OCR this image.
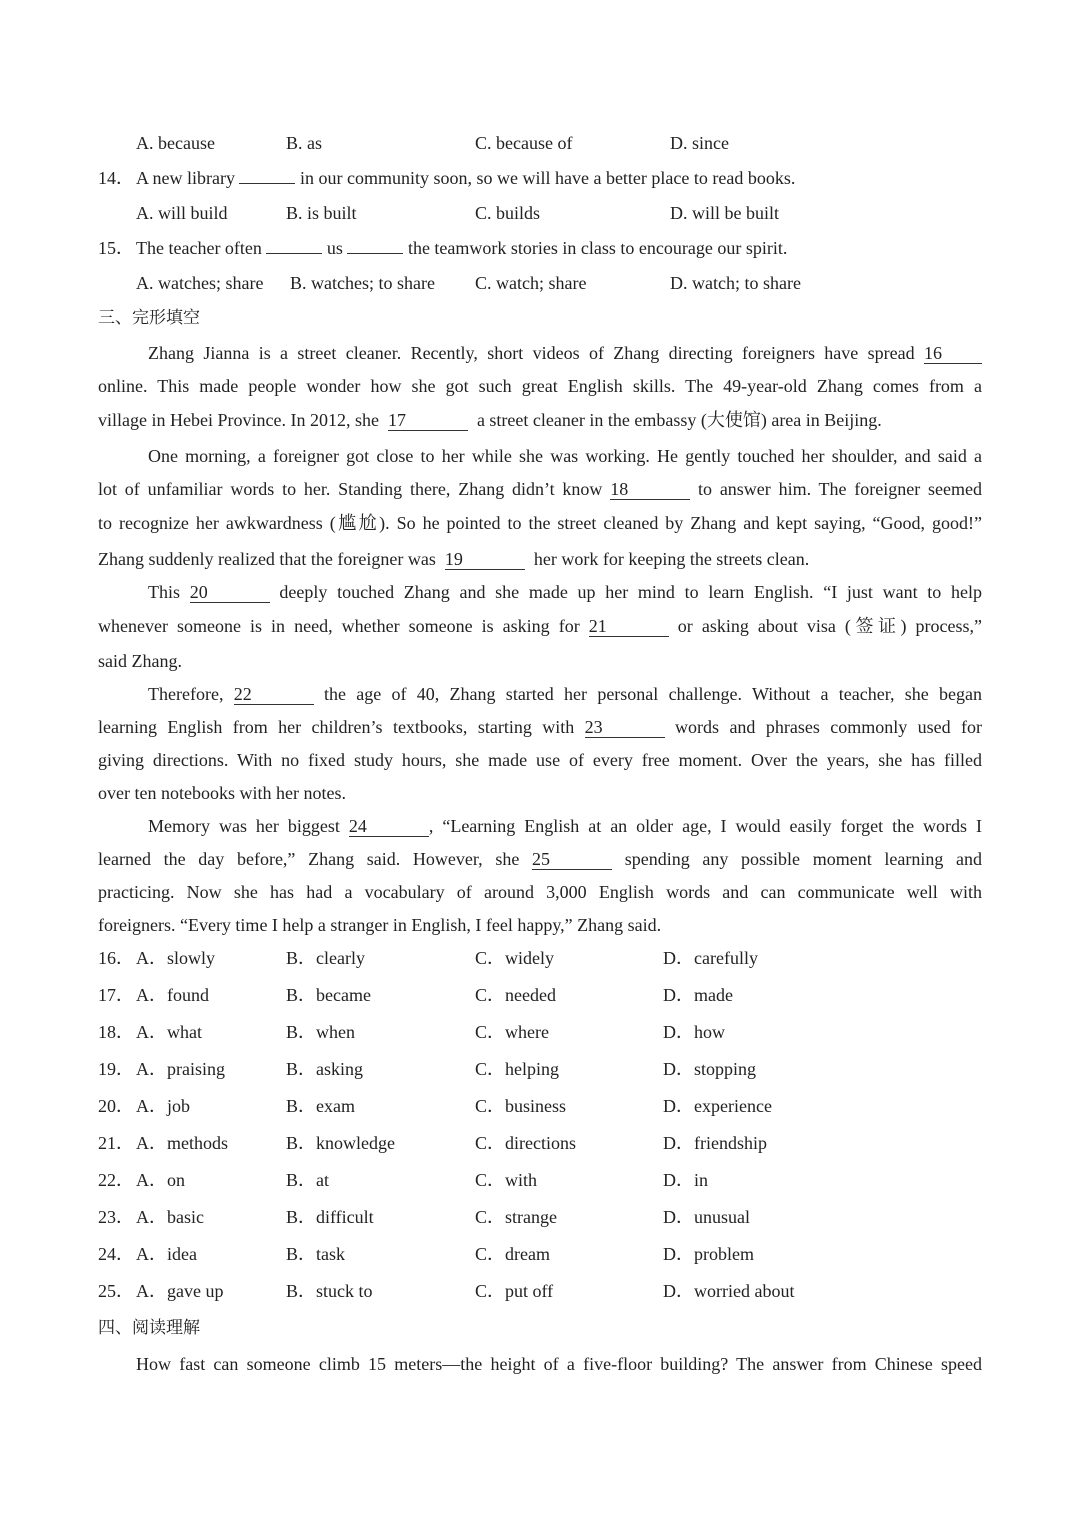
A. because	B. as	C. because of	D. since
14． A new library	in our community soon, so we will have a better place to read books.
A. will build	B. is built	C. builds	D. will be built
15． The teacher often	us	the teamwork stories in class to encourage our spirit.
A. watches; share B. watches; to share C. watch; share	D. watch; to share
三、完形填空
Zhang Jianna is a street cleaner. Recently, short videos of Zhang directing foreigners have spread 16
online. This made people wonder how she got such great English skills. The 49-year-old Zhang comes from a
village in Hebei Province. In 2012, she 17	a street cleaner in the embassy (大使馆) area in Beijing.
One morning, a foreigner got close to her while she was working. He gently touched her shoulder, and said a
lot of unfamiliar words to her. Standing there, Zhang didn’t know 18	to answer him. The foreigner seemed
to recognize her awkwardness (尴尬). So he pointed to the street cleaned by Zhang and kept saying, “Good, good!”
Zhang suddenly realized that the foreigner was 19	her work for keeping the streets clean.
This 20	deeply touched Zhang and she made up her mind to learn English. “I just want to help
whenever someone is in need, whether someone is asking for 21	or asking about visa (签证) process,”
said Zhang.
Therefore, 22	the age of 40, Zhang started her personal challenge. Without a teacher, she began
learning English from her children’s textbooks, starting with 23	words and phrases commonly used for
giving directions. With no fixed study hours, she made use of every free moment. Over the years, she has filled
over ten notebooks with her notes.
Memory was her biggest 24	, “Learning English at an older age, I would easily forget the words I
learned the day before,” Zhang said. However, she 25	spending any possible moment learning and
practicing. Now she has had a vocabulary of around 3,000 English words and can communicate well with
foreigners. “Every time I help a stranger in English, I feel happy,” Zhang said.
16． A．slowly	B．clearly	C．widely	D．carefully
17． A．found	B．became	C．needed	D．made
18． A．what	B．when	C．where	D．how
19． A．praising	B．asking	C．helping	D．stopping
20． A．job	B．exam	C．business	D．experience
21． A．methods	B．knowledge	C．directions	D．friendship
22． A．on	B．at	C．with	D．in
23． A．basic	B．difficult	C．strange	D．unusual
24． A．idea	B．task	C．dream	D．problem
25． A．gave up	B．stuck to	C．put off	D．worried about
四、阅读理解
How fast can someone climb 15 meters—the height of a five-floor building? The answer from Chinese speed
